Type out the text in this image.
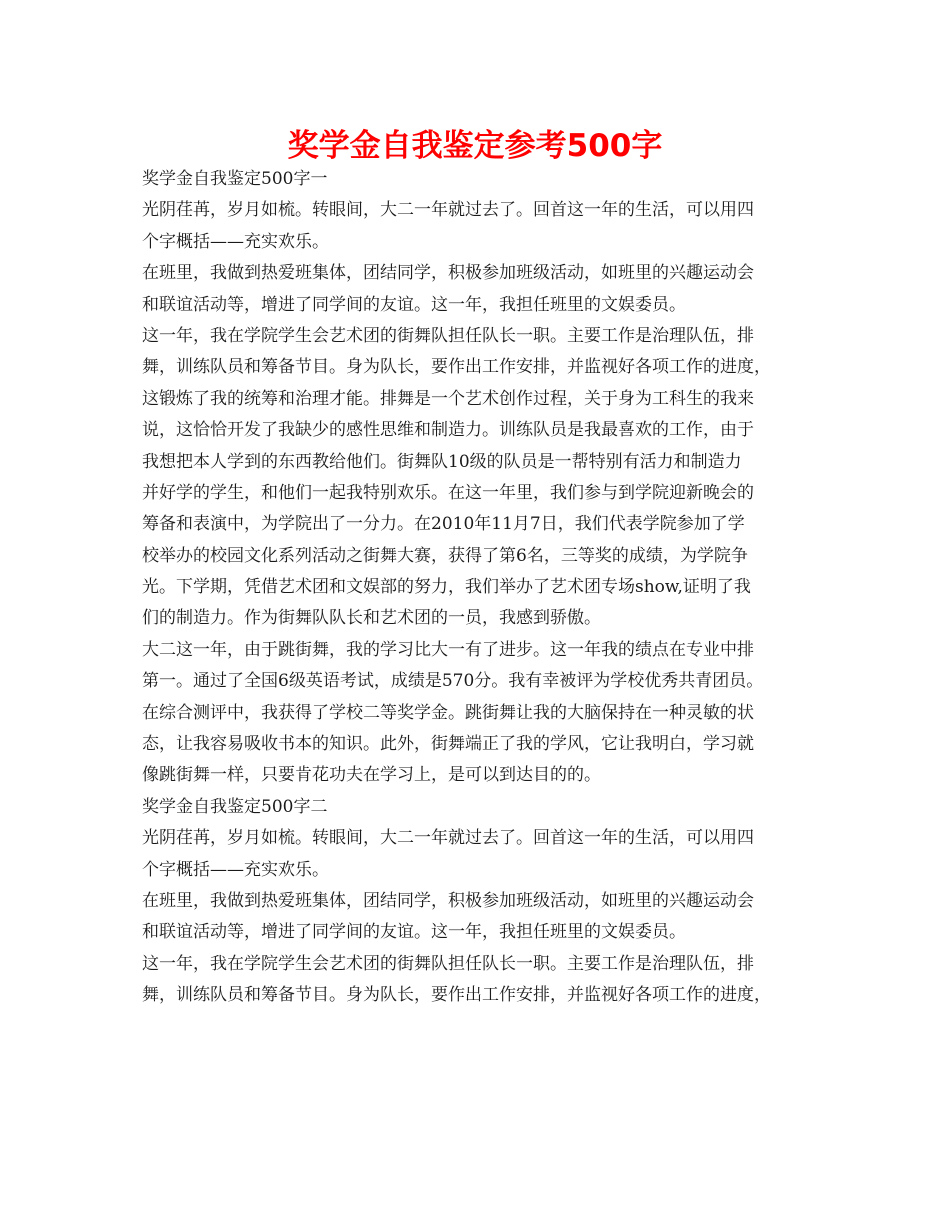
奖学金自我鉴定参考500字
奖学金自我鉴定500字一
光阴荏苒，岁月如梳。转眼间，大二一年就过去了。回首这一年的生活，可以用四
个字概括——充实欢乐。
在班里，我做到热爱班集体，团结同学，积极参加班级活动，如班里的兴趣运动会
和联谊活动等，增进了同学间的友谊。这一年，我担任班里的文娱委员。
这一年，我在学院学生会艺术团的街舞队担任队长一职。主要工作是治理队伍，排
舞，训练队员和筹备节目。身为队长，要作出工作安排，并监视好各项工作的进度，
这锻炼了我的统筹和治理才能。排舞是一个艺术创作过程，关于身为工科生的我来
说，这恰恰开发了我缺少的感性思维和制造力。训练队员是我最喜欢的工作，由于
我想把本人学到的东西教给他们。街舞队10级的队员是一帮特别有活力和制造力
并好学的学生，和他们一起我特别欢乐。在这一年里，我们参与到学院迎新晚会的
筹备和表演中，为学院出了一分力。在2010年11月7日，我们代表学院参加了学
校举办的校园文化系列活动之街舞大赛，获得了第6名，三等奖的成绩，为学院争
光。下学期，凭借艺术团和文娱部的努力，我们举办了艺术团专场show,证明了我
们的制造力。作为街舞队队长和艺术团的一员，我感到骄傲。
大二这一年，由于跳街舞，我的学习比大一有了进步。这一年我的绩点在专业中排
第一。通过了全国6级英语考试，成绩是570分。我有幸被评为学校优秀共青团员。
在综合测评中，我获得了学校二等奖学金。跳街舞让我的大脑保持在一种灵敏的状
态，让我容易吸收书本的知识。此外，街舞端正了我的学风，它让我明白，学习就
像跳街舞一样，只要肯花功夫在学习上，是可以到达目的的。
奖学金自我鉴定500字二
光阴荏苒，岁月如梳。转眼间，大二一年就过去了。回首这一年的生活，可以用四
个字概括——充实欢乐。
在班里，我做到热爱班集体，团结同学，积极参加班级活动，如班里的兴趣运动会
和联谊活动等，增进了同学间的友谊。这一年，我担任班里的文娱委员。
这一年，我在学院学生会艺术团的街舞队担任队长一职。主要工作是治理队伍，排
舞，训练队员和筹备节目。身为队长，要作出工作安排，并监视好各项工作的进度，
